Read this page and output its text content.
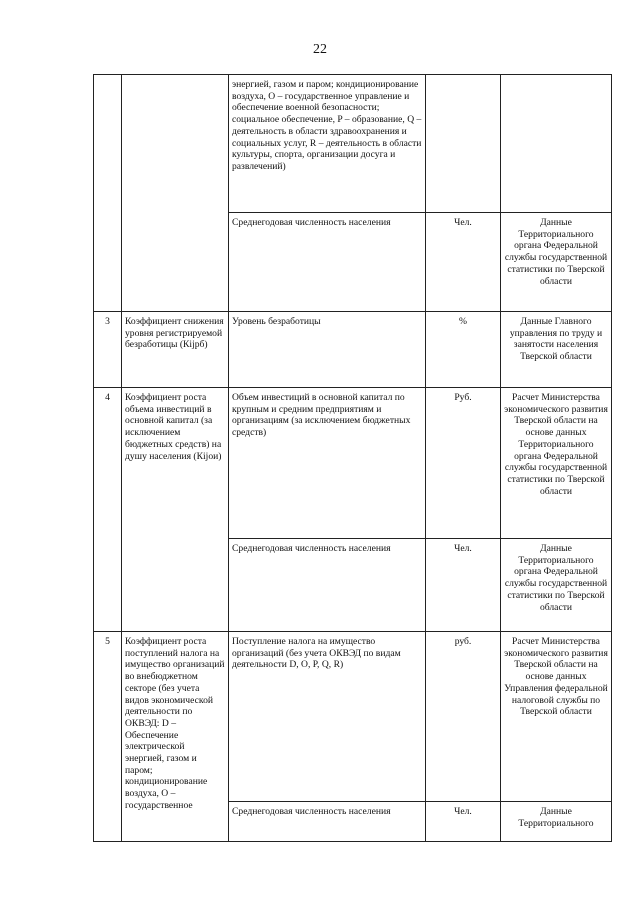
22
		энергией, газом и паром; кондиционирование воздуха, O – государственное управление и обеспечение военной безопасности; социальное обеспечение, P – образование, Q – деятельность в области здравоохранения и социальных услуг, R – деятельность в области культуры, спорта, организации досуга и развлечений)		
		Среднегодовая численность населения	Чел.	Данные Территориального органа Федеральной службы государственной статистики по Тверской области
3	Коэффициент снижения уровня регистрируемой безработицы (Кijрб)	Уровень безработицы	%	Данные Главного управления по труду и занятости населения Тверской области
4	Коэффициент роста объема инвестиций в основной капитал (за исключением бюджетных средств) на душу населения (Кijои)	Объем инвестиций в основной капитал по крупным и средним предприятиям и организациям (за исключением бюджетных средств)	Руб.	Расчет Министерства экономического развития Тверской области на основе данных Территориального органа Федеральной службы государственной статистики по Тверской области
		Среднегодовая численность населения	Чел.	Данные Территориального органа Федеральной службы государственной статистики по Тверской области
5	Коэффициент роста поступлений налога на имущество организаций во внебюджетном секторе (без учета видов экономической деятельности по ОКВЭД: D – Обеспечение электрической энергией, газом и паром; кондиционирование воздуха, O – государственное	Поступление налога на имущество организаций (без учета ОКВЭД по видам деятельности D, O, P, Q, R)	руб.	Расчет Министерства экономического развития Тверской области на основе данных Управления федеральной налоговой службы по Тверской области
		Среднегодовая численность населения	Чел.	Данные Территориального
